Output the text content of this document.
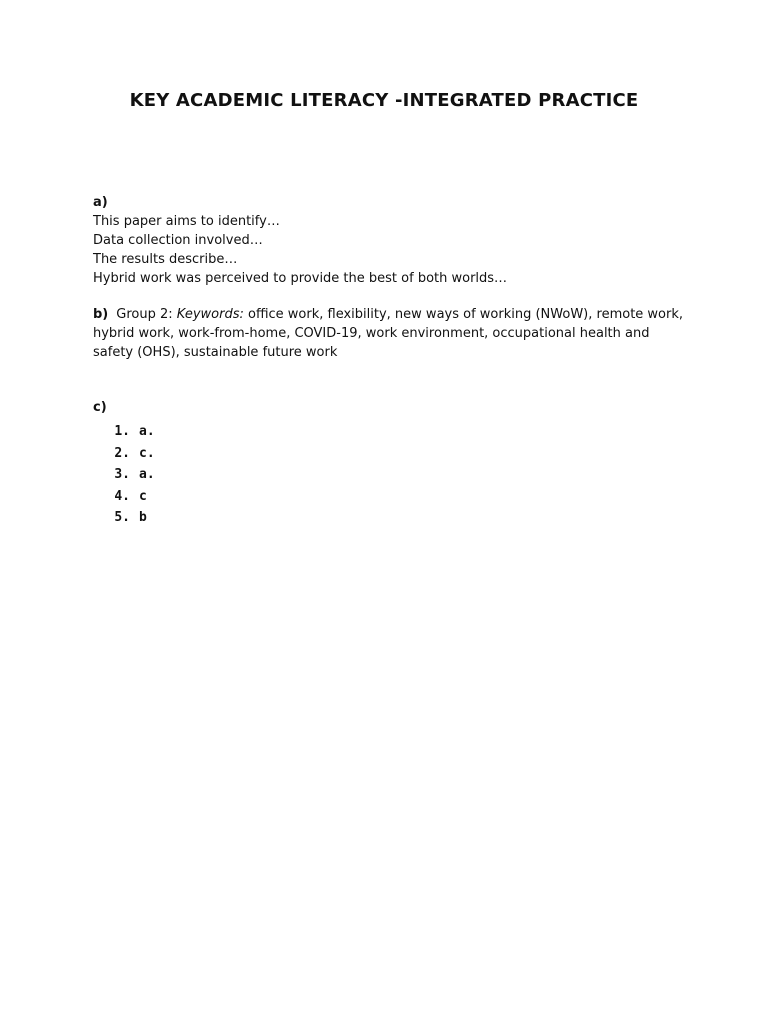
KEY ACADEMIC LITERACY -INTEGRATED PRACTICE
a)
This paper aims to identify…
Data collection involved…
The results describe…
Hybrid work was perceived to provide the best of both worlds…
b) Group 2: Keywords: office work, flexibility, new ways of working (NWoW), remote work, hybrid work, work-from-home, COVID-19, work environment, occupational health and safety (OHS), sustainable future work
c)
1. a.
2. c.
3. a.
4. c
5. b
